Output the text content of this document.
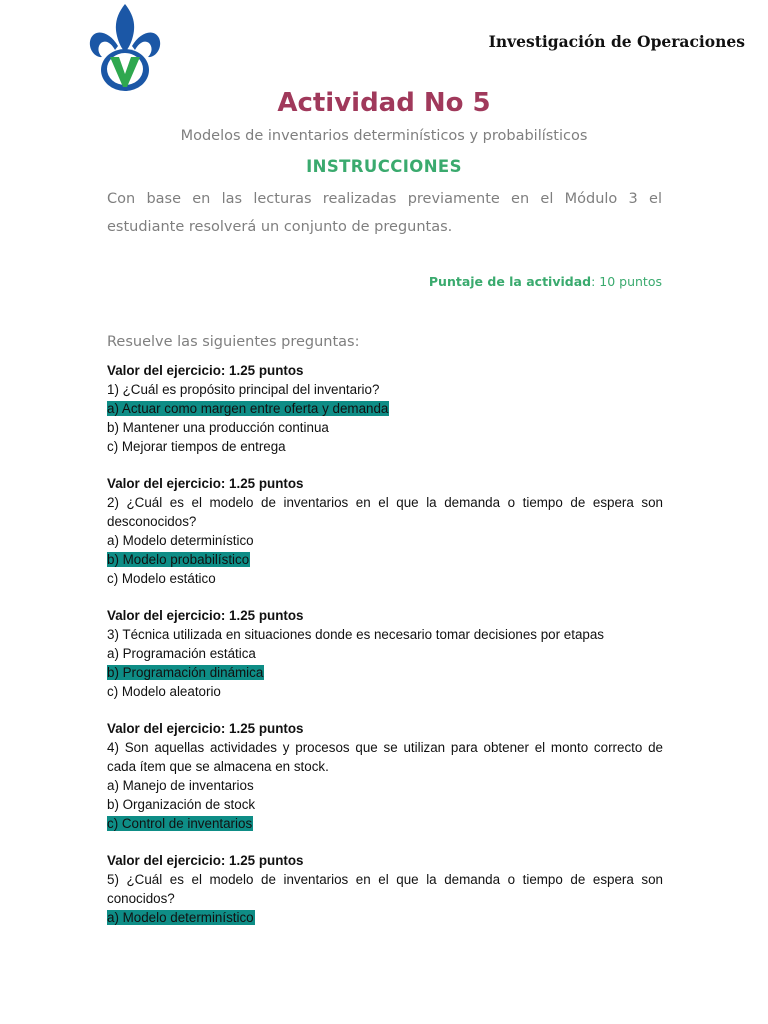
Investigación de Operaciones
Actividad No 5
Modelos de inventarios determinísticos y probabilísticos
INSTRUCCIONES
Con base en las lecturas realizadas previamente en el Módulo 3 el estudiante resolverá un conjunto de preguntas.
Puntaje de la actividad: 10 puntos
Resuelve las siguientes preguntas:
Valor del ejercicio: 1.25 puntos
1) ¿Cuál es propósito principal del inventario?
a) Actuar como margen entre oferta y demanda
b) Mantener una producción continua
c) Mejorar tiempos de entrega
Valor del ejercicio: 1.25 puntos
2) ¿Cuál es el modelo de inventarios en el que la demanda o tiempo de espera son desconocidos?
a) Modelo determinístico
b) Modelo probabilístico
c) Modelo estático
Valor del ejercicio: 1.25 puntos
3) Técnica utilizada en situaciones donde es necesario tomar decisiones por etapas
a) Programación estática
b) Programación dinámica
c) Modelo aleatorio
Valor del ejercicio: 1.25 puntos
4) Son aquellas actividades y procesos que se utilizan para obtener el monto correcto de cada ítem que se almacena en stock.
a) Manejo de inventarios
b) Organización de stock
c) Control de inventarios
Valor del ejercicio: 1.25 puntos
5) ¿Cuál es el modelo de inventarios en el que la demanda o tiempo de espera son conocidos?
a) Modelo determinístico
